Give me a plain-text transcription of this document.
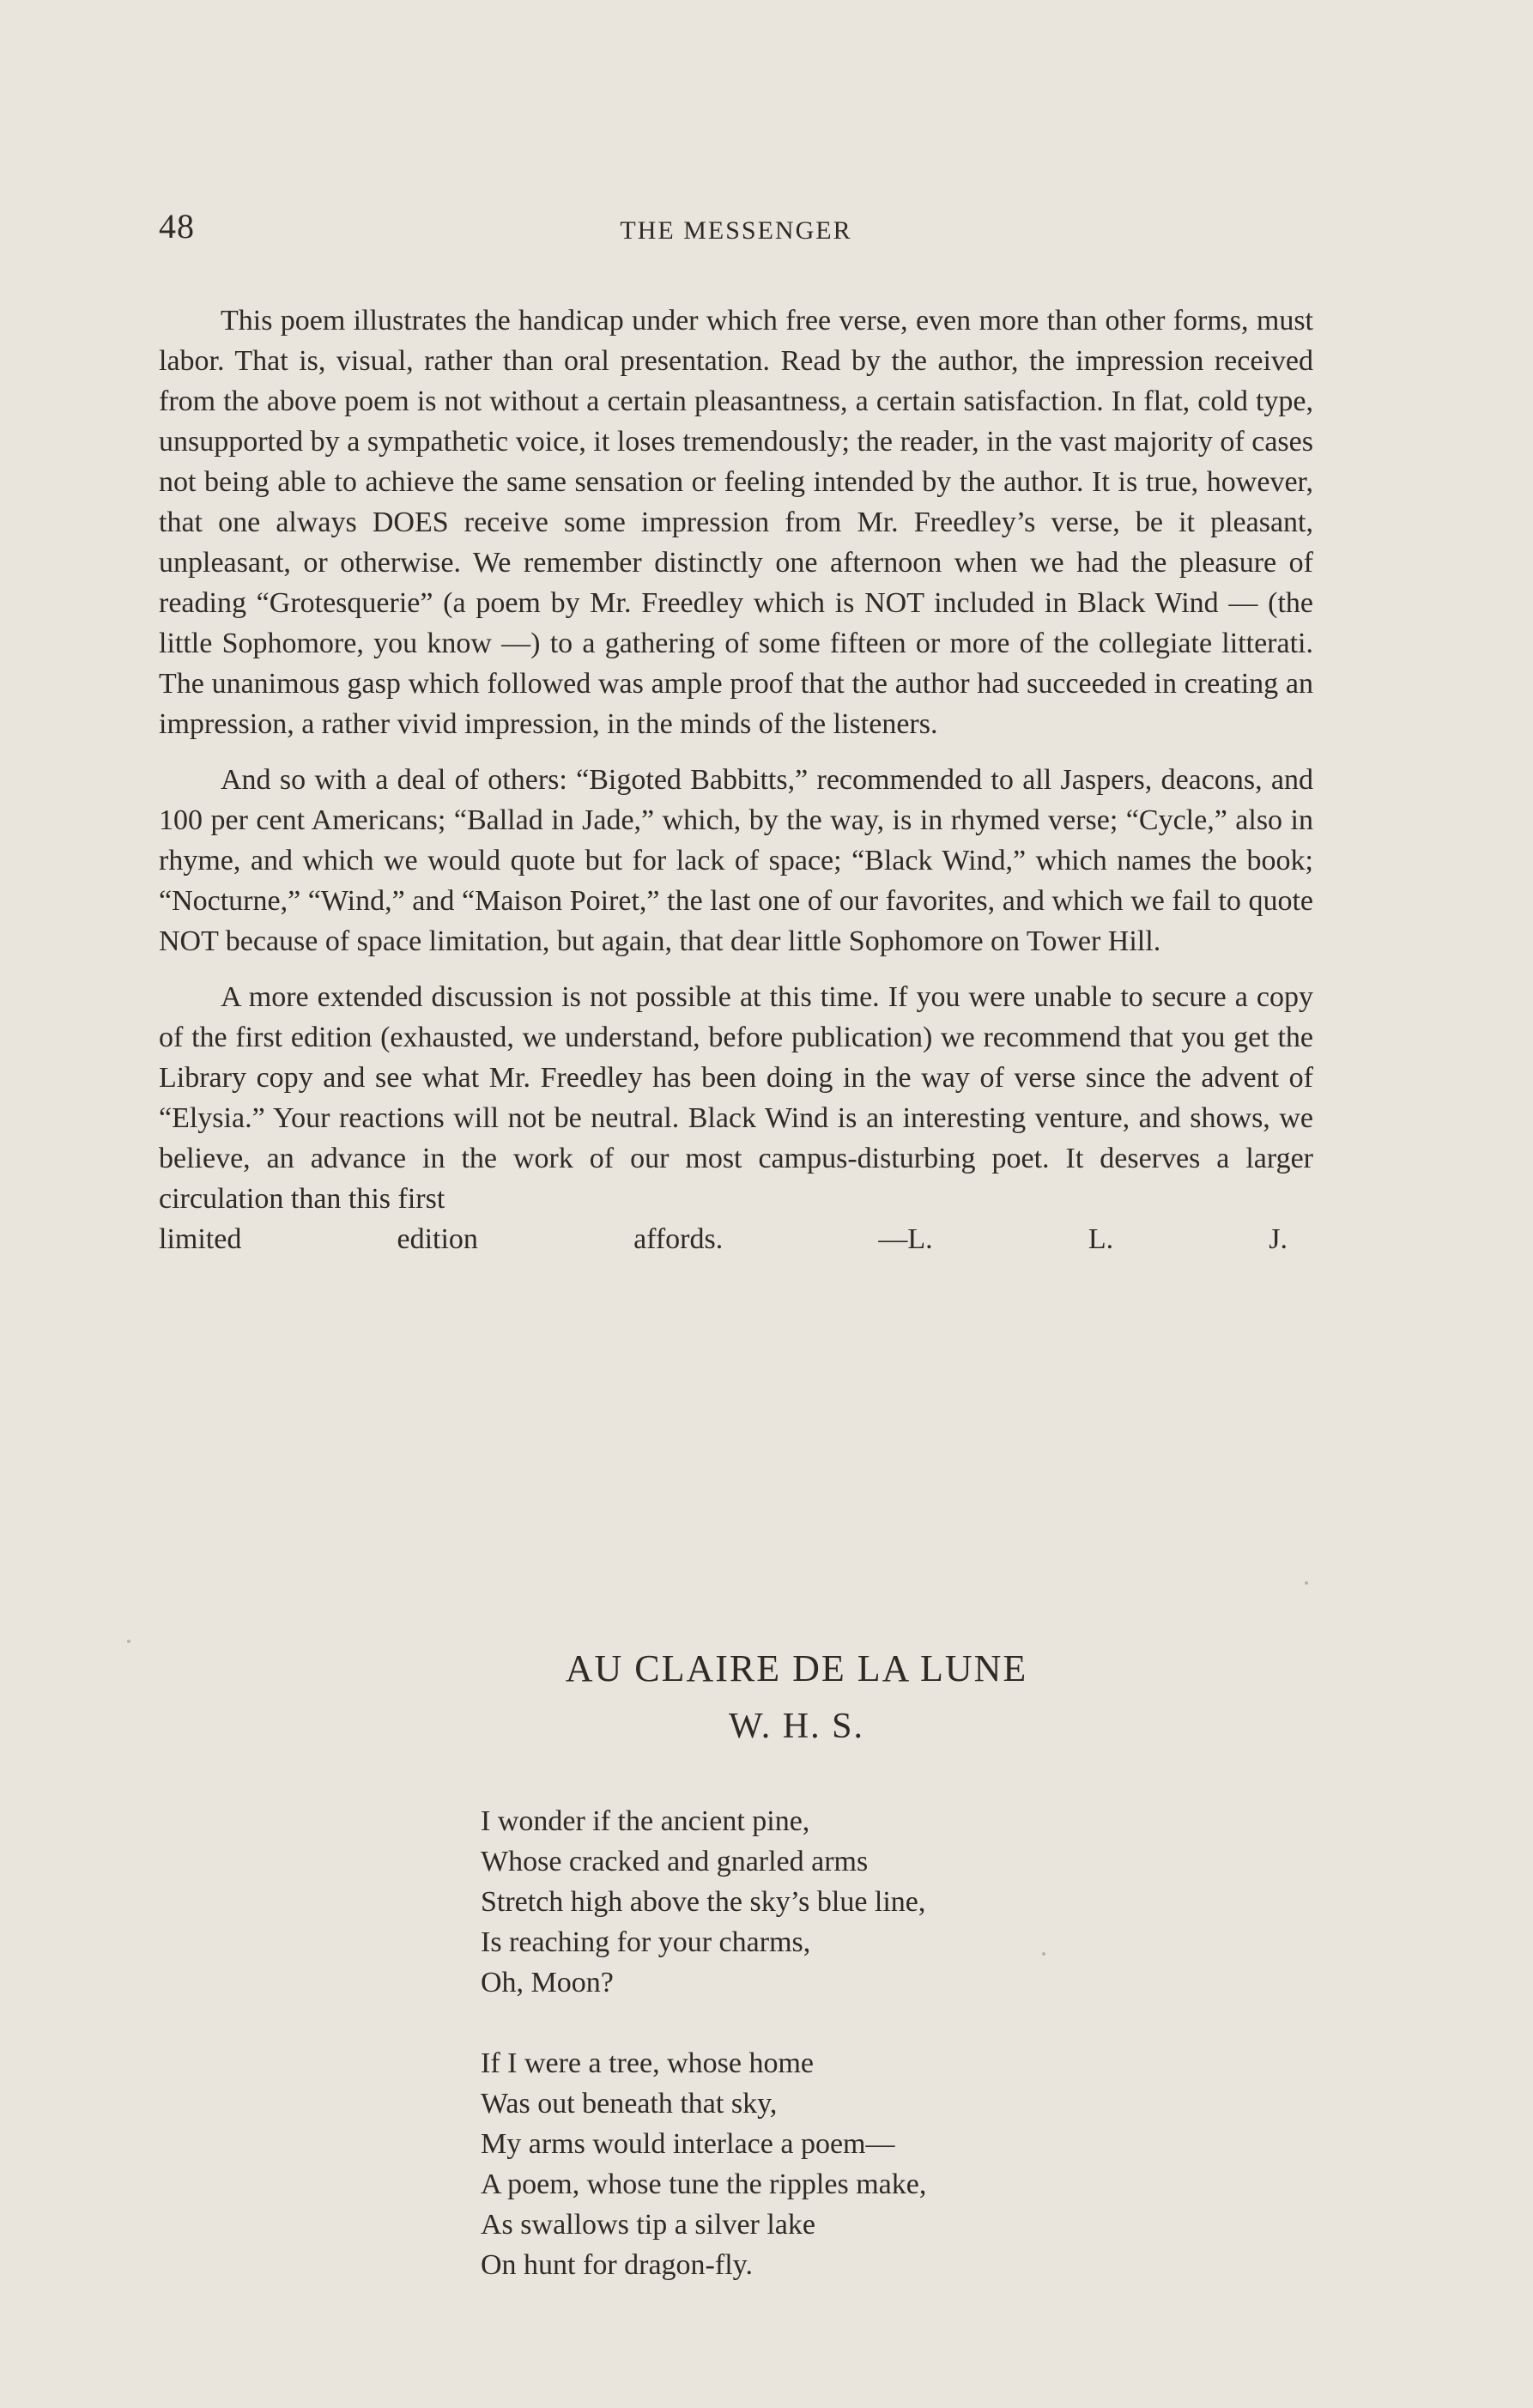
48	THE MESSENGER

This poem illustrates the handicap under which free verse, even more than other forms, must labor. That is, visual, rather than oral presentation. Read by the author, the impression received from the above poem is not without a certain pleasantness, a certain satisfaction. In flat, cold type, unsupported by a sympathetic voice, it loses tremendously; the reader, in the vast majority of cases not being able to achieve the same sensation or feeling intended by the author. It is true, however, that one always DOES receive some impression from Mr. Freedley’s verse, be it pleasant, unpleasant, or otherwise. We remember distinctly one afternoon when we had the pleasure of reading “Grotesquerie” (a poem by Mr. Freedley which is NOT included in Black Wind — (the little Sophomore, you know —) to a gathering of some fifteen or more of the collegiate litterati. The unanimous gasp which followed was ample proof that the author had succeeded in creating an impression, a rather vivid impression, in the minds of the listeners.

And so with a deal of others: “Bigoted Babbitts,” recommended to all Jaspers, deacons, and 100 per cent Americans; “Ballad in Jade,” which, by the way, is in rhymed verse; “Cycle,” also in rhyme, and which we would quote but for lack of space; “Black Wind,” which names the book; “Nocturne,” “Wind,” and “Maison Poiret,” the last one of our favorites, and which we fail to quote NOT because of space limitation, but again, that dear little Sophomore on Tower Hill.

A more extended discussion is not possible at this time. If you were unable to secure a copy of the first edition (exhausted, we understand, before publication) we recommend that you get the Library copy and see what Mr. Freedley has been doing in the way of verse since the advent of “Elysia.” Your reactions will not be neutral. Black Wind is an interesting venture, and shows, we believe, an advance in the work of our most campus-disturbing poet. It deserves a larger circulation than this first

limited edition affords.	—L. L. J.
AU CLAIRE DE LA LUNE
W. H. S.
I wonder if the ancient pine,
Whose cracked and gnarled arms
Stretch high above the sky’s blue line,
Is reaching for your charms,
Oh, Moon?
If I were a tree, whose home
Was out beneath that sky,
My arms would interlace a poem—
A poem, whose tune the ripples make,
As swallows tip a silver lake
On hunt for dragon-fly.
